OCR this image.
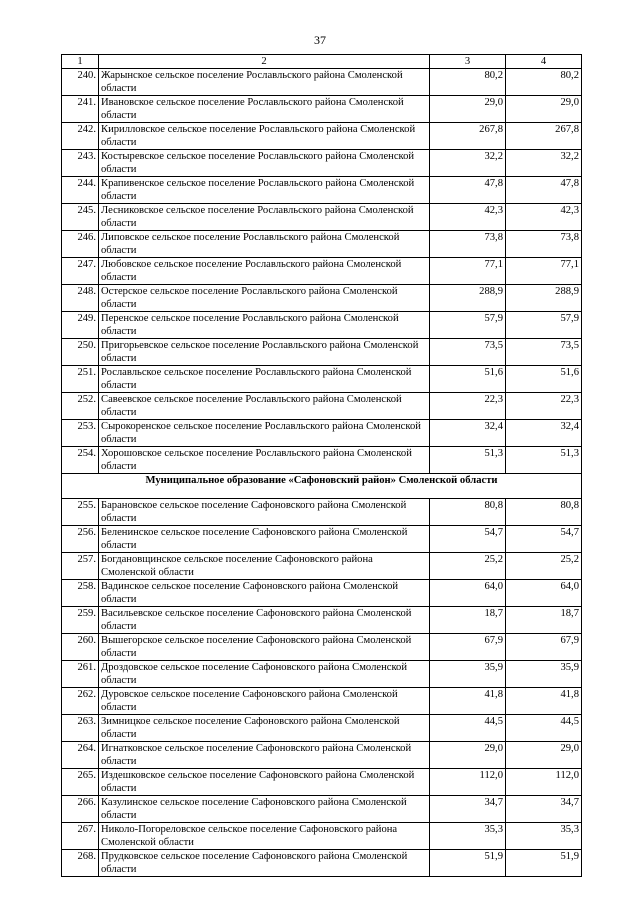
37
1	2	3	4
240.	Жарынское сельское поселение Рославльского района Смоленской области	80,2	80,2
241.	Ивановское сельское поселение Рославльского района Смоленской области	29,0	29,0
242.	Кирилловское сельское поселение Рославльского района Смоленской области	267,8	267,8
243.	Костыревское сельское поселение Рославльского района Смоленской области	32,2	32,2
244.	Крапивенское сельское поселение Рославльского района Смоленской области	47,8	47,8
245.	Лесниковское сельское поселение Рославльского района Смоленской области	42,3	42,3
246.	Липовское сельское поселение Рославльского района Смоленской области	73,8	73,8
247.	Любовское сельское поселение Рославльского района Смоленской области	77,1	77,1
248.	Остерское сельское поселение Рославльского района Смоленской области	288,9	288,9
249.	Перенское сельское поселение Рославльского района Смоленской области	57,9	57,9
250.	Пригорьевское сельское поселение Рославльского района Смоленской области	73,5	73,5
251.	Рославльское сельское поселение Рославльского района Смоленской области	51,6	51,6
252.	Савеевское сельское поселение Рославльского района Смоленской области	22,3	22,3
253.	Сырокоренское сельское поселение Рославльского района Смоленской области	32,4	32,4
254.	Хорошовское сельское поселение Рославльского района Смоленской области	51,3	51,3
Муниципальное образование «Сафоновский район» Смоленской области			
255.	Барановское сельское поселение Сафоновского района Смоленской области	80,8	80,8
256.	Беленинское сельское поселение Сафоновского района Смоленской области	54,7	54,7
257.	Богдановщинское сельское поселение Сафоновского района Смоленской области	25,2	25,2
258.	Вадинское сельское поселение Сафоновского района Смоленской области	64,0	64,0
259.	Васильевское сельское поселение Сафоновского района Смоленской области	18,7	18,7
260.	Вышегорское сельское поселение Сафоновского района Смоленской области	67,9	67,9
261.	Дроздовское сельское поселение Сафоновского района Смоленской области	35,9	35,9
262.	Дуровское сельское поселение Сафоновского района Смоленской области	41,8	41,8
263.	Зимницкое сельское поселение Сафоновского района Смоленской области	44,5	44,5
264.	Игнатковское сельское поселение Сафоновского района Смоленской области	29,0	29,0
265.	Издешковское сельское поселение Сафоновского района Смоленской области	112,0	112,0
266.	Казулинское сельское поселение Сафоновского района Смоленской области	34,7	34,7
267.	Николо-Погореловское сельское поселение Сафоновского района Смоленской области	35,3	35,3
268.	Прудковское сельское поселение Сафоновского района Смоленской области	51,9	51,9
